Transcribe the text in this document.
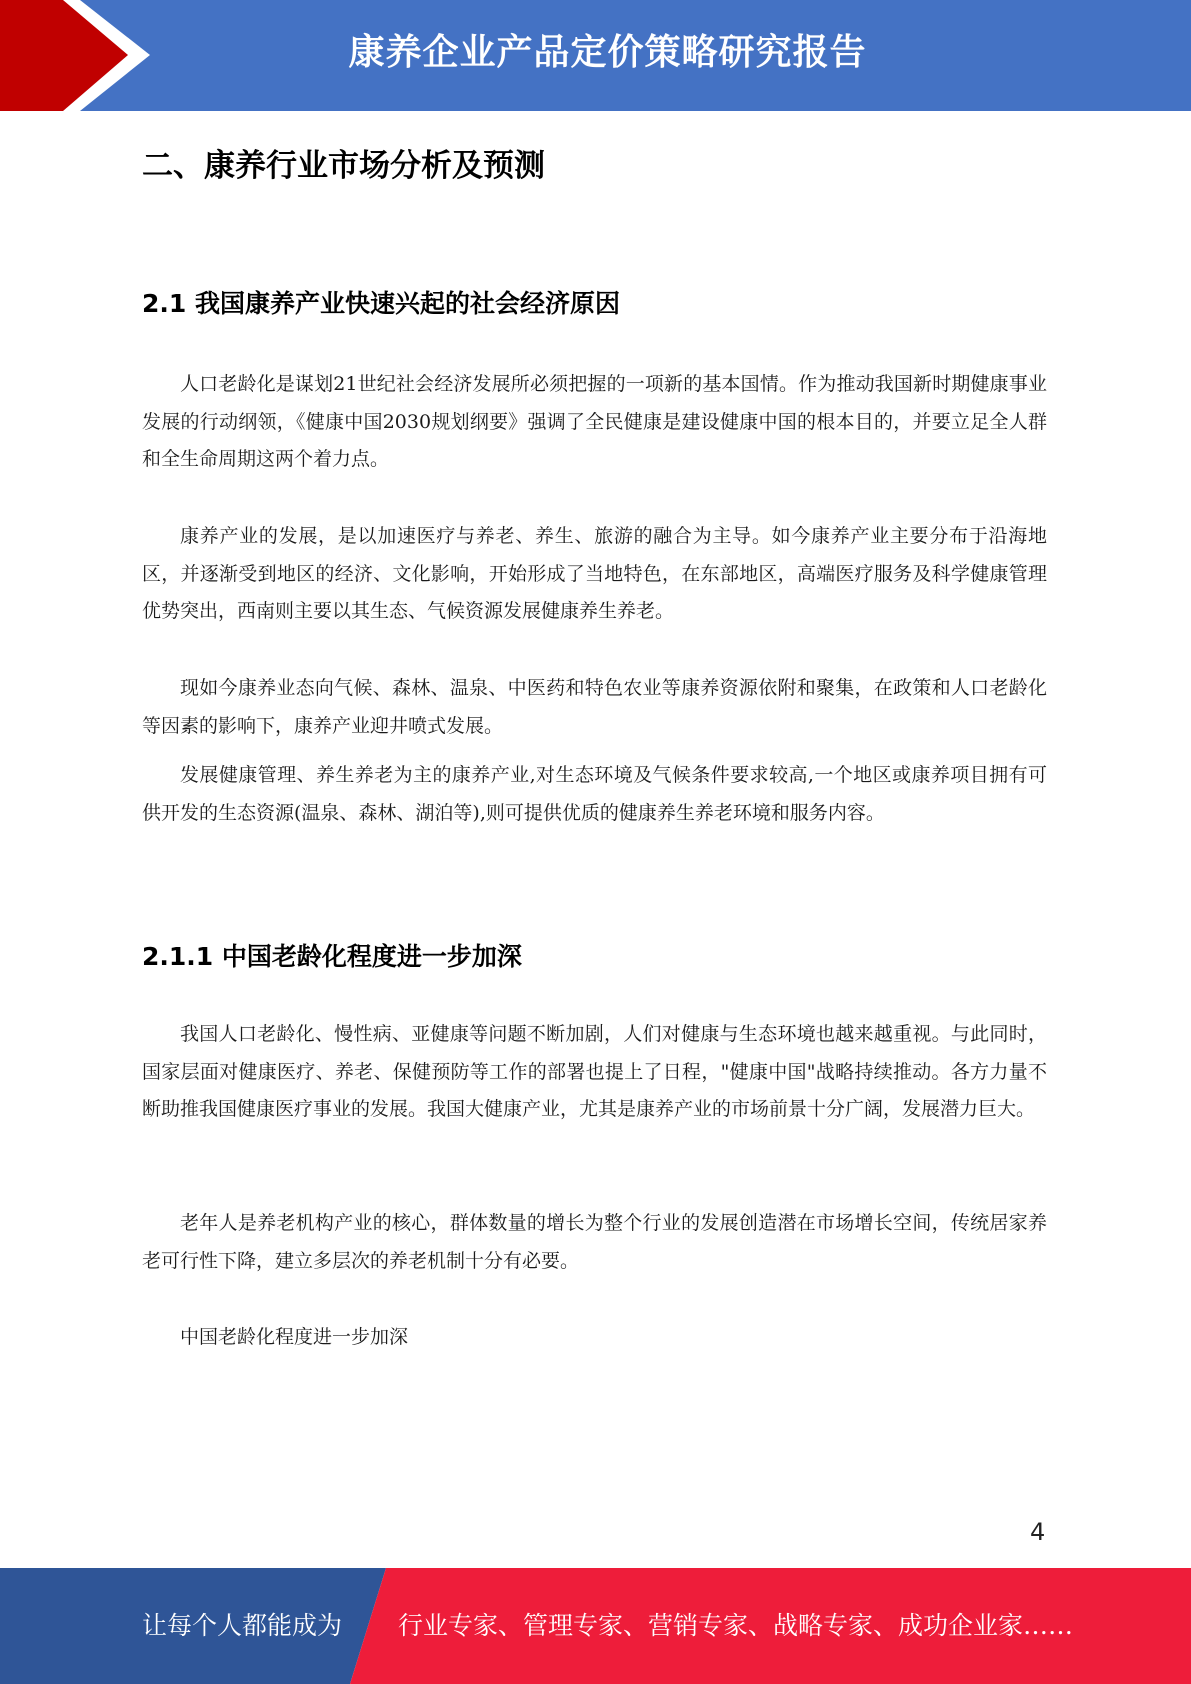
康养企业产品定价策略研究报告
二、康养行业市场分析及预测
2.1 我国康养产业快速兴起的社会经济原因

人口老龄化是谋划21世纪社会经济发展所必须把握的一项新的基本国情。作为推动我国新时期健康事业发展的行动纲领，《健康中国2030规划纲要》强调了全民健康是建设健康中国的根本目的，并要立足全人群和全生命周期这两个着力点。

康养产业的发展，是以加速医疗与养老、养生、旅游的融合为主导。如今康养产业主要分布于沿海地区，并逐渐受到地区的经济、文化影响，开始形成了当地特色，在东部地区，高端医疗服务及科学健康管理优势突出，西南则主要以其生态、气候资源发展健康养生养老。

现如今康养业态向气候、森林、温泉、中医药和特色农业等康养资源依附和聚集，在政策和人口老龄化等因素的影响下，康养产业迎井喷式发展。

发展健康管理、养生养老为主的康养产业,对生态环境及气候条件要求较高,一个地区或康养项目拥有可供开发的生态资源(温泉、森林、湖泊等),则可提供优质的健康养生养老环境和服务内容。

2.1.1 中国老龄化程度进一步加深

我国人口老龄化、慢性病、亚健康等问题不断加剧，人们对健康与生态环境也越来越重视。与此同时，国家层面对健康医疗、养老、保健预防等工作的部署也提上了日程，"健康中国"战略持续推动。各方力量不断助推我国健康医疗事业的发展。我国大健康产业，尤其是康养产业的市场前景十分广阔，发展潜力巨大。

老年人是养老机构产业的核心，群体数量的增长为整个行业的发展创造潜在市场增长空间，传统居家养老可行性下降，建立多层次的养老机制十分有必要。

中国老龄化程度进一步加深

4
让每个人都能成为 行业专家、管理专家、营销专家、战略专家、成功企业家……
